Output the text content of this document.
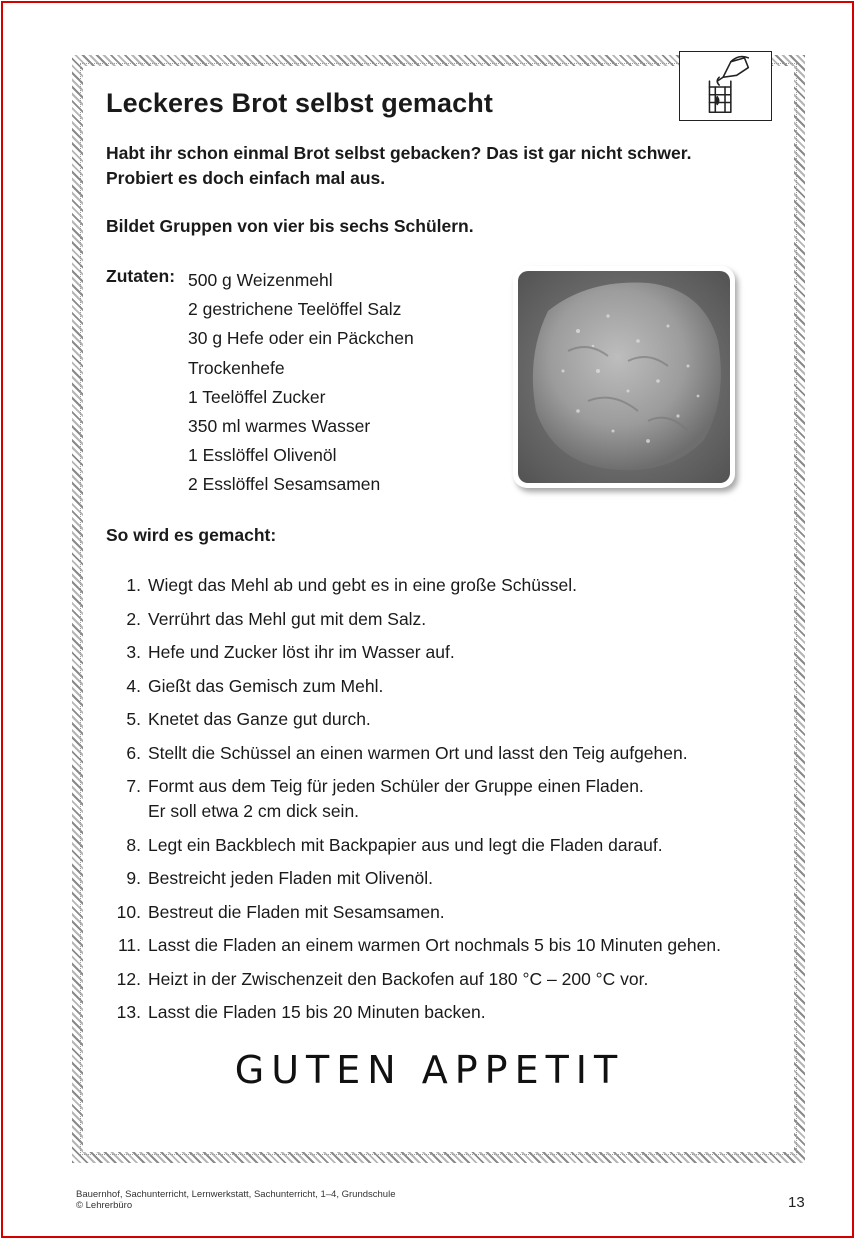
Leckeres Brot selbst gemacht
Habt ihr schon einmal Brot selbst gebacken? Das ist gar nicht schwer.
Probiert es doch einfach mal aus.
Bildet Gruppen von vier bis sechs Schülern.
Zutaten: 500 g Weizenmehl
2 gestrichene Teelöffel Salz
30 g Hefe oder ein Päckchen
Trockenhefe
1 Teelöffel Zucker
350 ml warmes Wasser
1 Esslöffel Olivenöl
2 Esslöffel Sesamsamen
So wird es gemacht:
1. Wiegt das Mehl ab und gebt es in eine große Schüssel.
2. Verrührt das Mehl gut mit dem Salz.
3. Hefe und Zucker löst ihr im Wasser auf.
4. Gießt das Gemisch zum Mehl.
5. Knetet das Ganze gut durch.
6. Stellt die Schüssel an einen warmen Ort und lasst den Teig aufgehen.
7. Formt aus dem Teig für jeden Schüler der Gruppe einen Fladen.
Er soll etwa 2 cm dick sein.
8. Legt ein Backblech mit Backpapier aus und legt die Fladen darauf.
9. Bestreicht jeden Fladen mit Olivenöl.
10. Bestreut die Fladen mit Sesamsamen.
11. Lasst die Fladen an einem warmen Ort nochmals 5 bis 10 Minuten gehen.
12. Heizt in der Zwischenzeit den Backofen auf 180 °C – 200 °C vor.
13. Lasst die Fladen 15 bis 20 Minuten backen.
GUTEN APPETIT
Bauernhof, Sachunterricht, Lernwerkstatt, Sachunterricht, 1–4, Grundschule
© Lehrerbüro	13
